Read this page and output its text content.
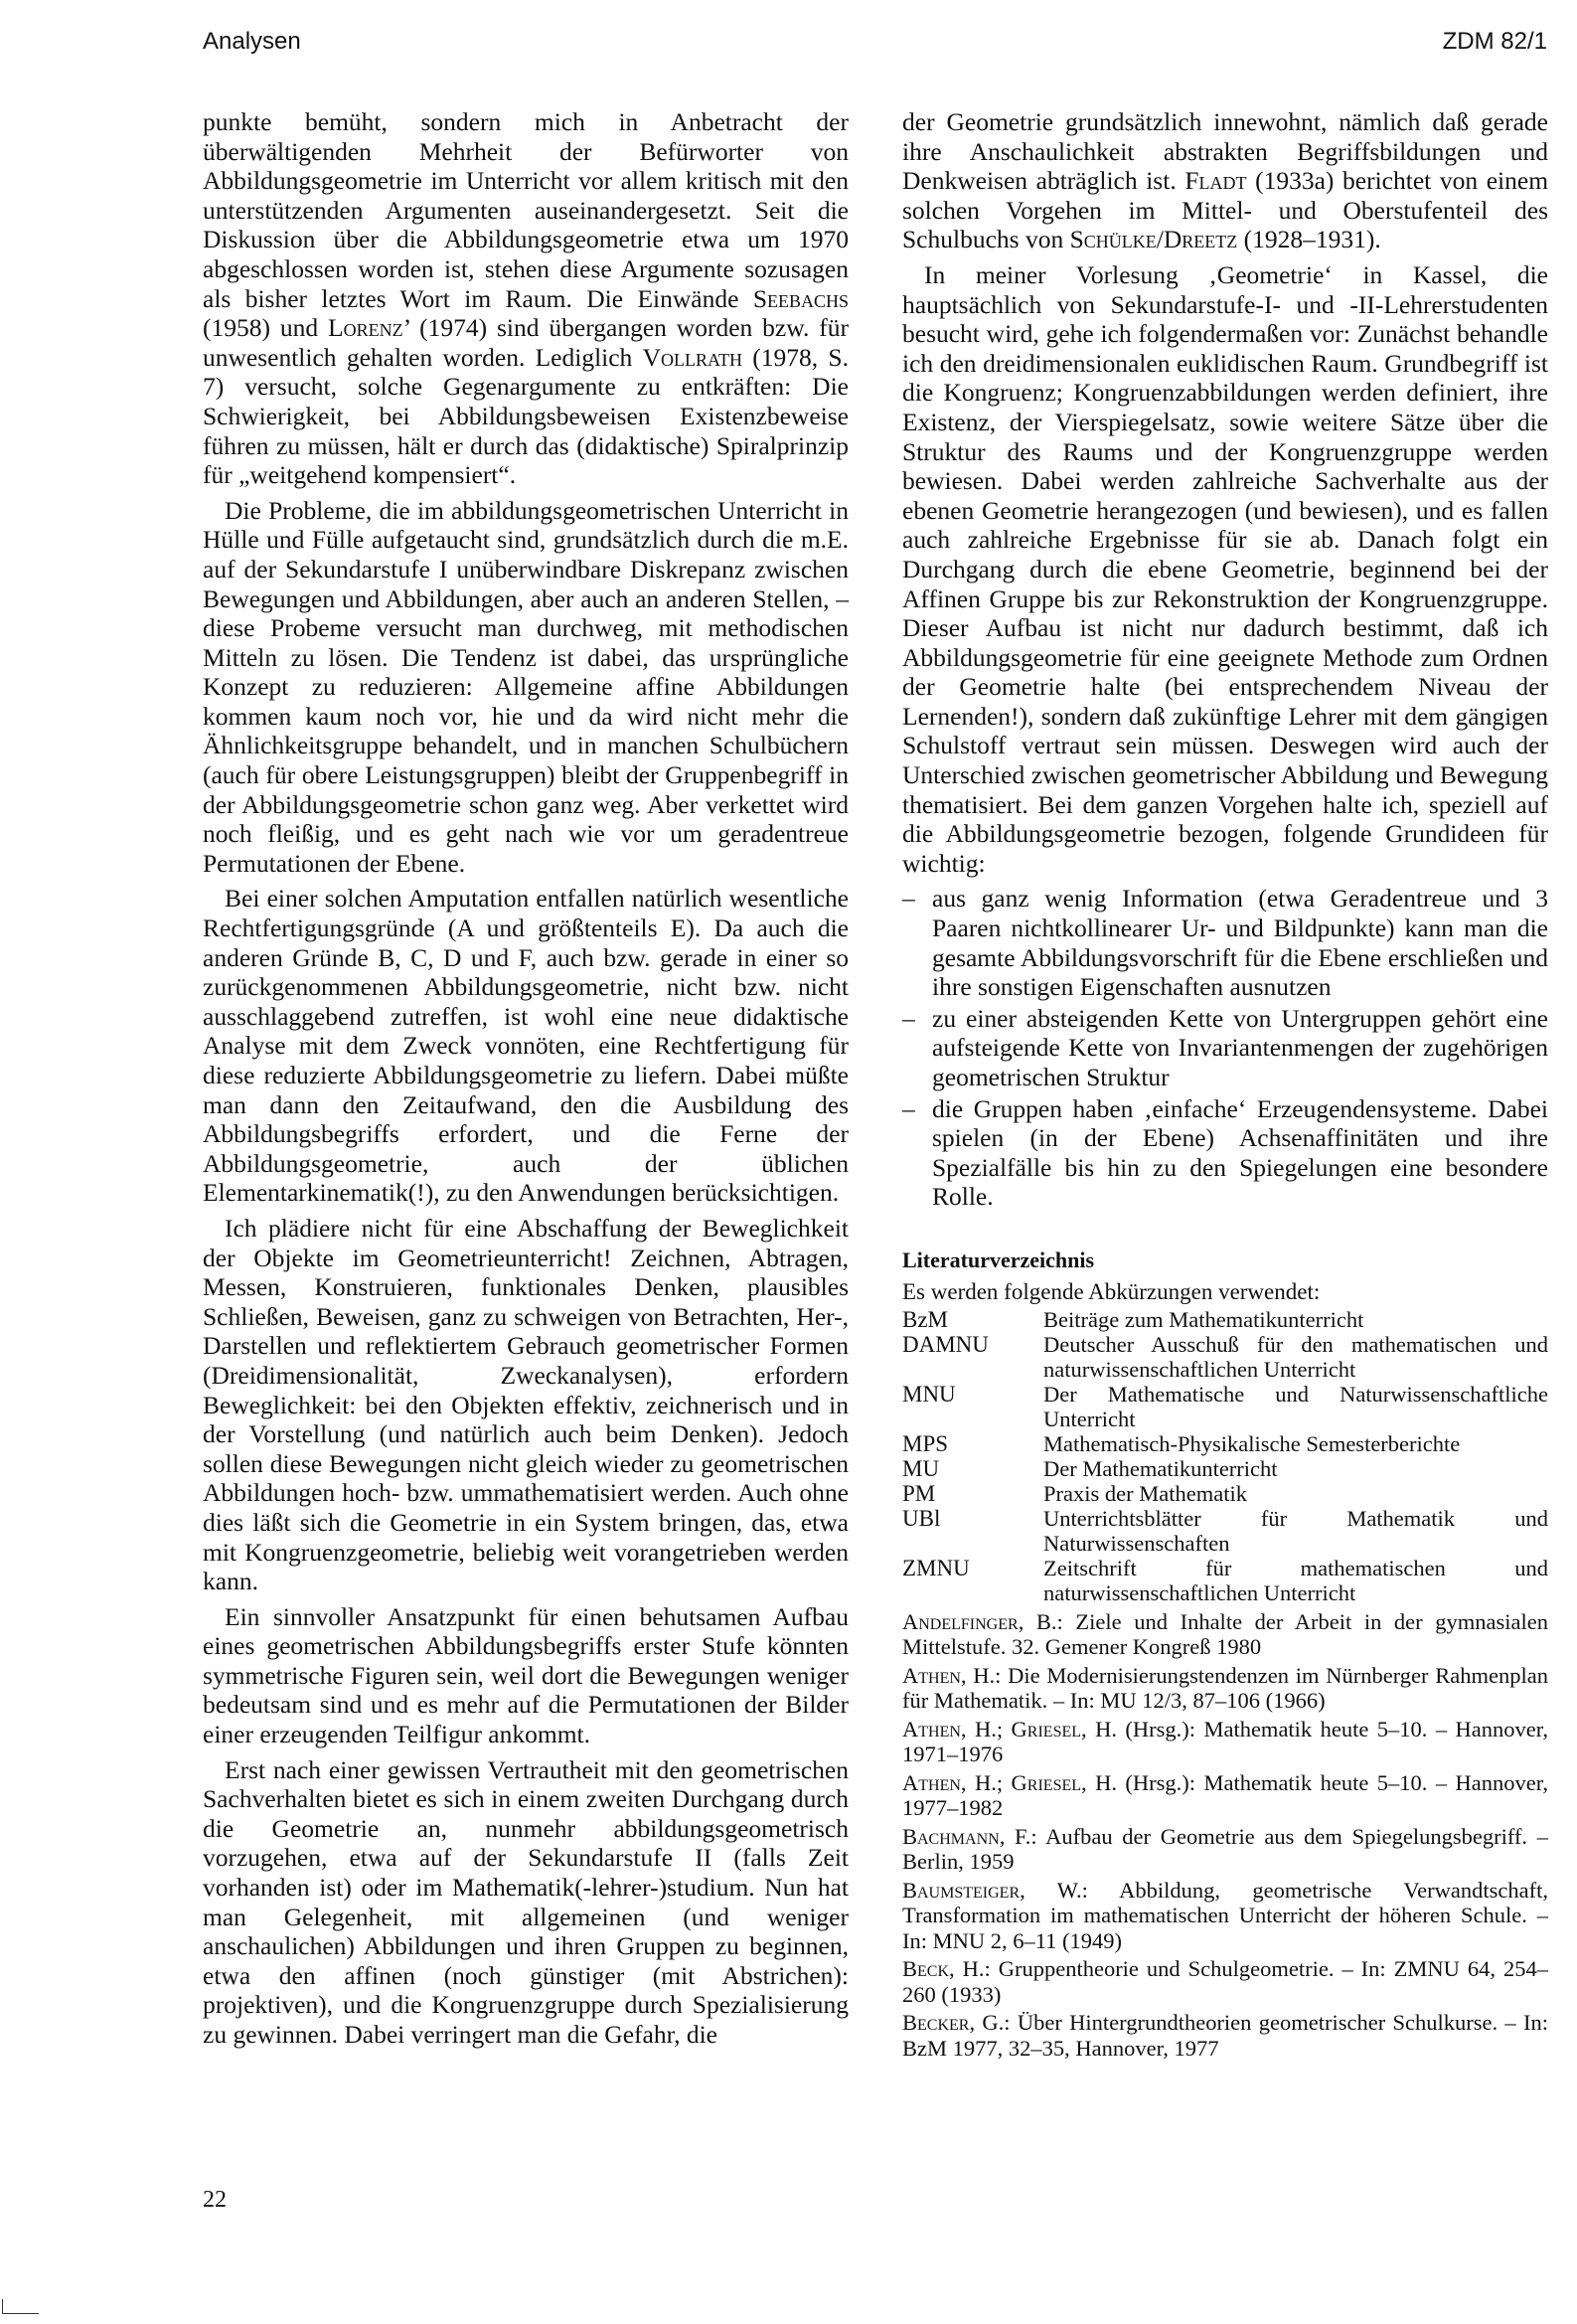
Analysen	ZDM 82/1

punkte bemüht, sondern mich in Anbetracht der überwältigenden Mehrheit der Befürworter von Abbildungsgeometrie im Unterricht vor allem kritisch mit den unterstützenden Argumenten auseinandergesetzt. Seit die Diskussion über die Abbildungsgeometrie etwa um 1970 abgeschlossen worden ist, stehen diese Argumente sozusagen als bisher letztes Wort im Raum. Die Einwände Seebachs (1958) und Lorenz’ (1974) sind übergangen worden bzw. für unwesentlich gehalten worden. Lediglich Vollrath (1978, S. 7) versucht, solche Gegenargumente zu entkräften: Die Schwierigkeit, bei Abbildungsbeweisen Existenzbeweise führen zu müssen, hält er durch das (didaktische) Spiralprinzip für „weitgehend kompensiert“.

Die Probleme, die im abbildungsgeometrischen Unterricht in Hülle und Fülle aufgetaucht sind, grundsätzlich durch die m.E. auf der Sekundarstufe I unüberwindbare Diskrepanz zwischen Bewegungen und Abbildungen, aber auch an anderen Stellen, – diese Probeme versucht man durchweg, mit methodischen Mitteln zu lösen. Die Tendenz ist dabei, das ursprüngliche Konzept zu reduzieren: Allgemeine affine Abbildungen kommen kaum noch vor, hie und da wird nicht mehr die Ähnlichkeitsgruppe behandelt, und in manchen Schulbüchern (auch für obere Leistungsgruppen) bleibt der Gruppenbegriff in der Abbildungsgeometrie schon ganz weg. Aber verkettet wird noch fleißig, und es geht nach wie vor um geradentreue Permutationen der Ebene.

Bei einer solchen Amputation entfallen natürlich wesentliche Rechtfertigungsgründe (A und größtenteils E). Da auch die anderen Gründe B, C, D und F, auch bzw. gerade in einer so zurückgenommenen Abbildungsgeometrie, nicht bzw. nicht ausschlaggebend zutreffen, ist wohl eine neue didaktische Analyse mit dem Zweck vonnöten, eine Rechtfertigung für diese reduzierte Abbildungsgeometrie zu liefern. Dabei müßte man dann den Zeitaufwand, den die Ausbildung des Abbildungsbegriffs erfordert, und die Ferne der Abbildungsgeometrie, auch der üblichen Elementarkinematik(!), zu den Anwendungen berücksichtigen.

Ich plädiere nicht für eine Abschaffung der Beweglichkeit der Objekte im Geometrieunterricht! Zeichnen, Abtragen, Messen, Konstruieren, funktionales Denken, plausibles Schließen, Beweisen, ganz zu schweigen von Betrachten, Her-, Darstellen und reflektiertem Gebrauch geometrischer Formen (Dreidimensionalität, Zweckanalysen), erfordern Beweglichkeit: bei den Objekten effektiv, zeichnerisch und in der Vorstellung (und natürlich auch beim Denken). Jedoch sollen diese Bewegungen nicht gleich wieder zu geometrischen Abbildungen hoch- bzw. ummathematisiert werden. Auch ohne dies läßt sich die Geometrie in ein System bringen, das, etwa mit Kongruenzgeometrie, beliebig weit vorangetrieben werden kann.

Ein sinnvoller Ansatzpunkt für einen behutsamen Aufbau eines geometrischen Abbildungsbegriffs erster Stufe könnten symmetrische Figuren sein, weil dort die Bewegungen weniger bedeutsam sind und es mehr auf die Permutationen der Bilder einer erzeugenden Teilfigur ankommt.

Erst nach einer gewissen Vertrautheit mit den geometrischen Sachverhalten bietet es sich in einem zweiten Durchgang durch die Geometrie an, nunmehr abbildungsgeometrisch vorzugehen, etwa auf der Sekundarstufe II (falls Zeit vorhanden ist) oder im Mathematik(-lehrer-)studium. Nun hat man Gelegenheit, mit allgemeinen (und weniger anschaulichen) Abbildungen und ihren Gruppen zu beginnen, etwa den affinen (noch günstiger (mit Abstrichen): projektiven), und die Kongruenzgruppe durch Spezialisierung zu gewinnen. Dabei verringert man die Gefahr, die

der Geometrie grundsätzlich innewohnt, nämlich daß gerade ihre Anschaulichkeit abstrakten Begriffsbildungen und Denkweisen abträglich ist. Fladt (1933a) berichtet von einem solchen Vorgehen im Mittel- und Oberstufenteil des Schulbuchs von Schülke/Dreetz (1928–1931).

In meiner Vorlesung ‚Geometrie‘ in Kassel, die hauptsächlich von Sekundarstufe-I- und -II-Lehrerstudenten besucht wird, gehe ich folgendermaßen vor: Zunächst behandle ich den dreidimensionalen euklidischen Raum. Grundbegriff ist die Kongruenz; Kongruenzabbildungen werden definiert, ihre Existenz, der Vierspiegelsatz, sowie weitere Sätze über die Struktur des Raums und der Kongruenzgruppe werden bewiesen. Dabei werden zahlreiche Sachverhalte aus der ebenen Geometrie herangezogen (und bewiesen), und es fallen auch zahlreiche Ergebnisse für sie ab. Danach folgt ein Durchgang durch die ebene Geometrie, beginnend bei der Affinen Gruppe bis zur Rekonstruktion der Kongruenzgruppe. Dieser Aufbau ist nicht nur dadurch bestimmt, daß ich Abbildungsgeometrie für eine geeignete Methode zum Ordnen der Geometrie halte (bei entsprechendem Niveau der Lernenden!), sondern daß zukünftige Lehrer mit dem gängigen Schulstoff vertraut sein müssen. Deswegen wird auch der Unterschied zwischen geometrischer Abbildung und Bewegung thematisiert. Bei dem ganzen Vorgehen halte ich, speziell auf die Abbildungsgeometrie bezogen, folgende Grundideen für wichtig:

– aus ganz wenig Information (etwa Geradentreue und 3 Paaren nichtkollinearer Ur- und Bildpunkte) kann man die gesamte Abbildungsvorschrift für die Ebene erschließen und ihre sonstigen Eigenschaften ausnutzen
– zu einer absteigenden Kette von Untergruppen gehört eine aufsteigende Kette von Invariantenmengen der zugehörigen geometrischen Struktur
– die Gruppen haben ‚einfache‘ Erzeugendensysteme. Dabei spielen (in der Ebene) Achsenaffinitäten und ihre Spezialfälle bis hin zu den Spiegelungen eine besondere Rolle.
Literaturverzeichnis
Es werden folgende Abkürzungen verwendet:
BzM	Beiträge zum Mathematikunterricht
DAMNU	Deutscher Ausschuß für den mathematischen und naturwissenschaftlichen Unterricht
MNU	Der Mathematische und Naturwissenschaftliche Unterricht
MPS	Mathematisch-Physikalische Semesterberichte
MU	Der Mathematikunterricht
PM	Praxis der Mathematik
UBl	Unterrichtsblätter für Mathematik und Naturwissenschaften
ZMNU	Zeitschrift für mathematischen und naturwissenschaftlichen Unterricht

Andelfinger, B.: Ziele und Inhalte der Arbeit in der gymnasialen Mittelstufe. 32. Gemener Kongreß 1980

Athen, H.: Die Modernisierungstendenzen im Nürnberger Rahmenplan für Mathematik. – In: MU 12/3, 87–106 (1966)

Athen, H.; Griesel, H. (Hrsg.): Mathematik heute 5–10. – Hannover, 1971–1976

Athen, H.; Griesel, H. (Hrsg.): Mathematik heute 5–10. – Hannover, 1977–1982

Bachmann, F.: Aufbau der Geometrie aus dem Spiegelungsbegriff. – Berlin, 1959

Baumsteiger, W.: Abbildung, geometrische Verwandtschaft, Transformation im mathematischen Unterricht der höheren Schule. – In: MNU 2, 6–11 (1949)

Beck, H.: Gruppentheorie und Schulgeometrie. – In: ZMNU 64, 254–260 (1933)

Becker, G.: Über Hintergrundtheorien geometrischer Schulkurse. – In: BzM 1977, 32–35, Hannover, 1977

22
